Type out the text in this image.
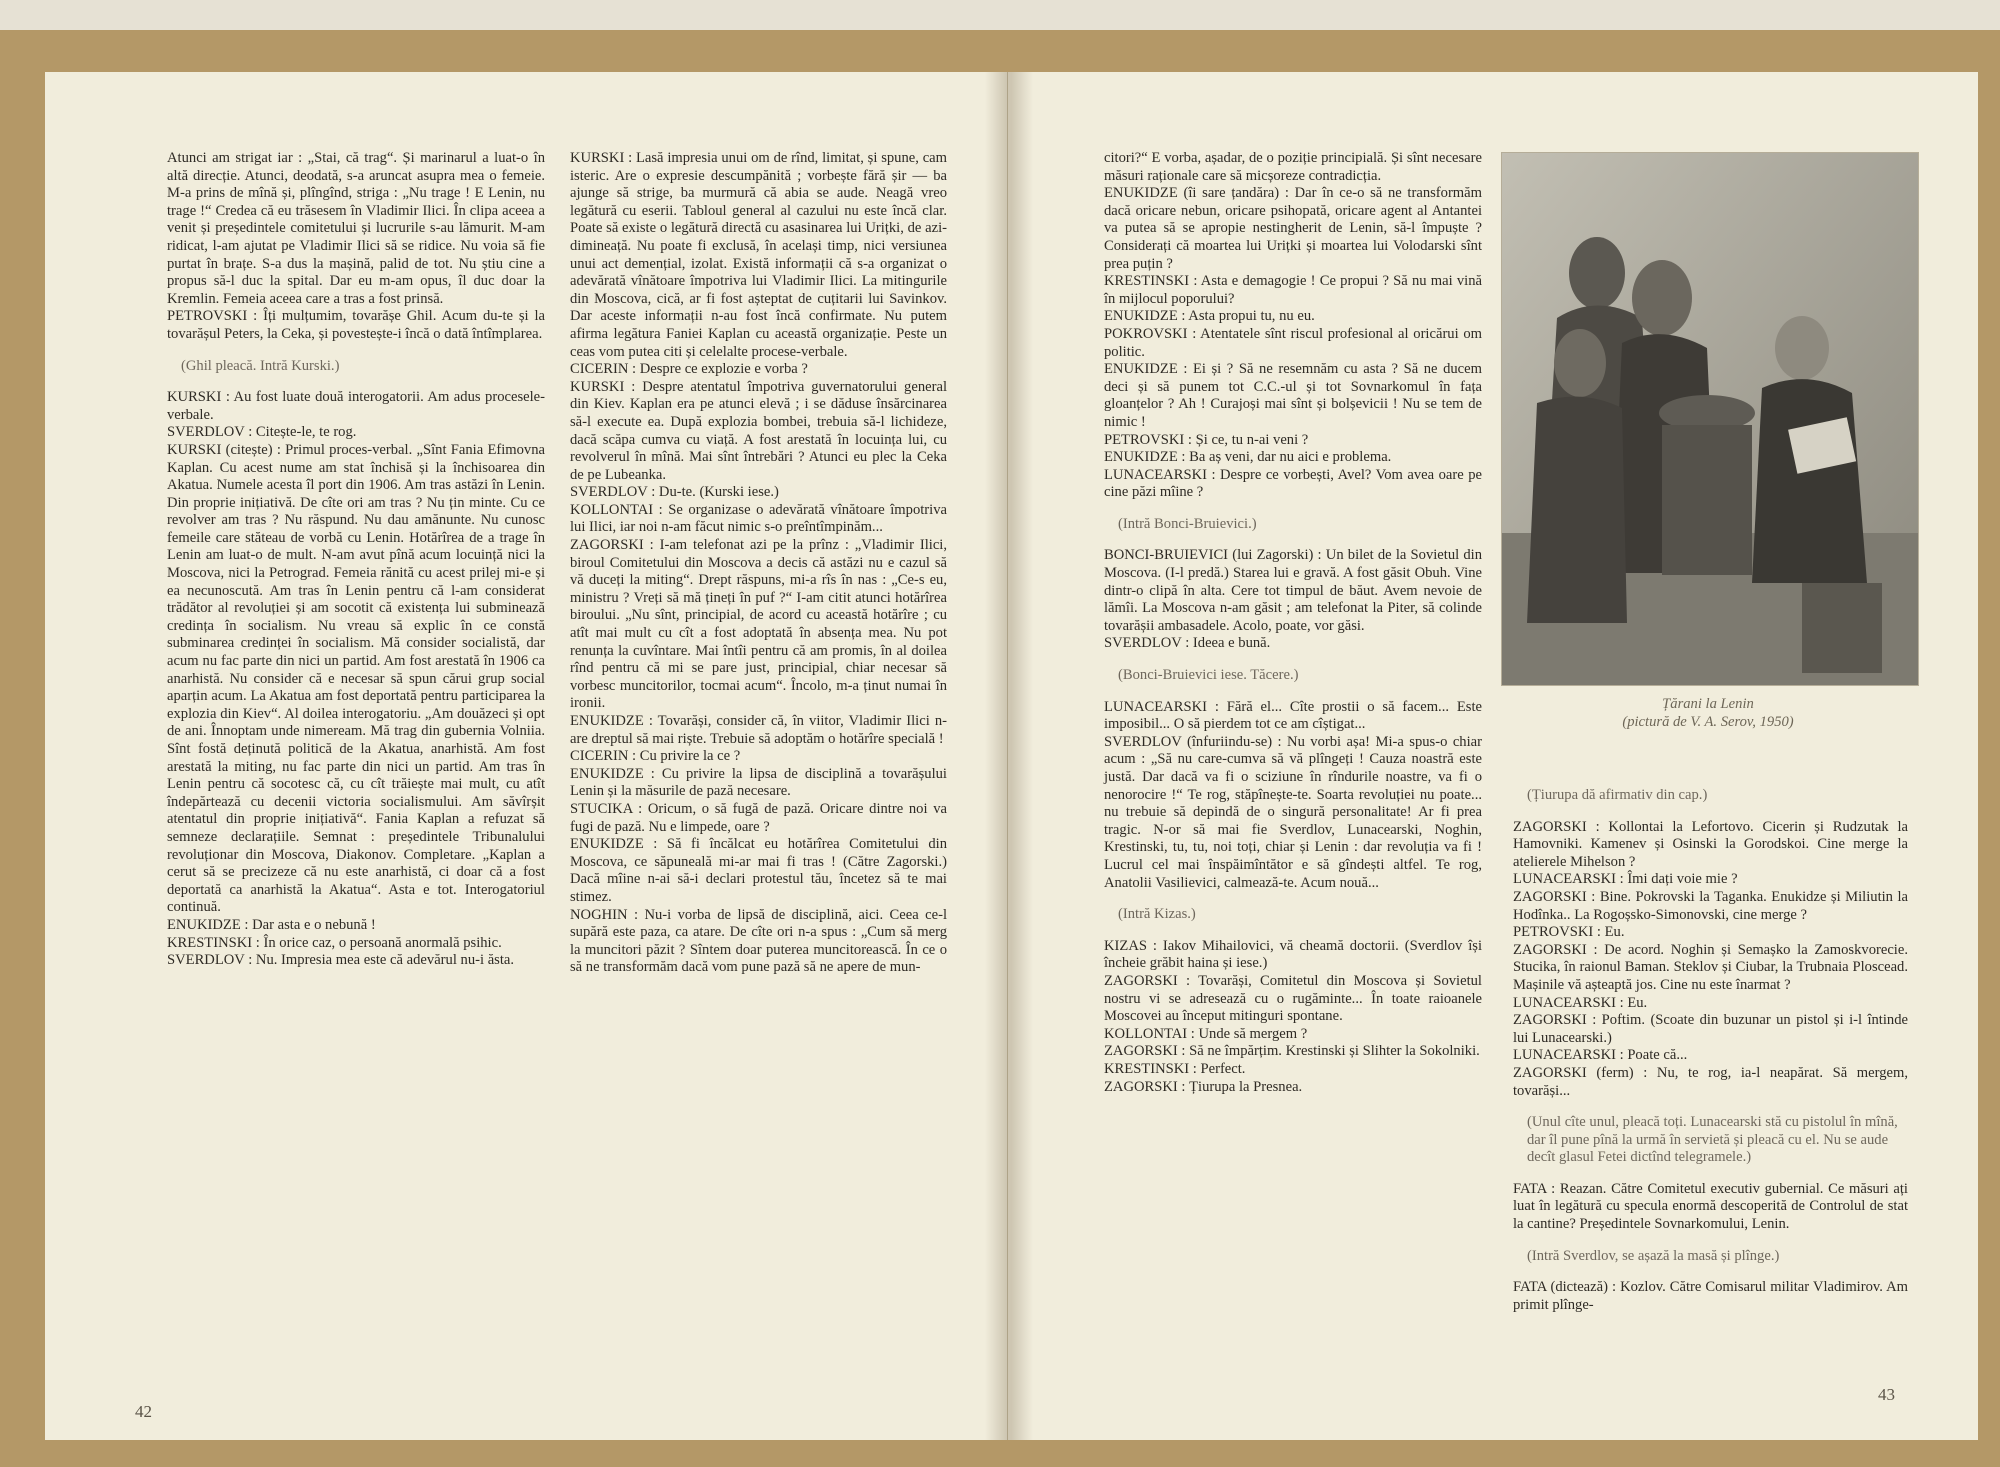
Atunci am strigat iar : „Stai, că trag“. Și marinarul a luat-o în altă direcție. Atunci, deodată, s-a aruncat asupra mea o femeie. M-a prins de mînă și, plîngînd, striga : „Nu trage ! E Lenin, nu trage !“ Credea că eu trăsesem în Vladimir Ilici. În clipa aceea a venit și președintele comitetului și lucrurile s-au lămurit. M-am ridicat, l-am ajutat pe Vladimir Ilici să se ridice. Nu voia să fie purtat în brațe. S-a dus la mașină, palid de tot. Nu știu cine a propus să-l duc la spital. Dar eu m-am opus, îl duc doar la Kremlin. Femeia aceea care a tras a fost prinsă.

PETROVSKI : Îți mulțumim, tovarășe Ghil. Acum du-te și la tovarășul Peters, la Ceka, și povestește-i încă o dată întîmplarea.

(Ghil pleacă. Intră Kurski.)

KURSKI : Au fost luate două interogatorii. Am adus procesele-verbale.

SVERDLOV : Citește-le, te rog.

KURSKI (citește) : Primul proces-verbal. „Sînt Fania Efimovna Kaplan. Cu acest nume am stat închisă și la închisoarea din Akatua. Numele acesta îl port din 1906. Am tras astăzi în Lenin. Din proprie inițiativă. De cîte ori am tras ? Nu țin minte. Cu ce revolver am tras ? Nu răspund. Nu dau amănunte. Nu cunosc femeile care stăteau de vorbă cu Lenin. Hotărîrea de a trage în Lenin am luat-o de mult. N-am avut pînă acum locuință nici la Moscova, nici la Petrograd. Femeia rănită cu acest prilej mi-e și ea necunoscută. Am tras în Lenin pentru că l-am considerat trădător al revoluției și am socotit că existența lui subminează credința în socialism. Nu vreau să explic în ce constă subminarea credinței în socialism. Mă consider socialistă, dar acum nu fac parte din nici un partid. Am fost arestată în 1906 ca anarhistă. Nu consider că e necesar să spun cărui grup social aparțin acum. La Akatua am fost deportată pentru participarea la explozia din Kiev“. Al doilea interogatoriu. „Am douăzeci și opt de ani. Înnoptam unde nimeream. Mă trag din gubernia Volniia. Sînt fostă deținută politică de la Akatua, anarhistă. Am fost arestată la miting, nu fac parte din nici un partid. Am tras în Lenin pentru că socotesc că, cu cît trăiește mai mult, cu atît îndepărtează cu decenii victoria socialismului. Am săvîrșit atentatul din proprie inițiativă“. Fania Kaplan a refuzat să semneze declarațiile. Semnat : președintele Tribunalului revoluționar din Moscova, Diakonov. Completare. „Kaplan a cerut să se precizeze că nu este anarhistă, ci doar că a fost deportată ca anarhistă la Akatua“. Asta e tot. Interogatoriul continuă.

ENUKIDZE : Dar asta e o nebună !

KRESTINSKI : În orice caz, o persoană anormală psihic.

SVERDLOV : Nu. Impresia mea este că adevărul nu-i ăsta.

KURSKI : Lasă impresia unui om de rînd, limitat, și spune, cam isteric. Are o expresie descumpănită ; vorbește fără șir — ba ajunge să strige, ba murmură că abia se aude. Neagă vreo legătură cu eserii. Tabloul general al cazului nu este încă clar. Poate să existe o legătură directă cu asasinarea lui Urițki, de azi-dimineață. Nu poate fi exclusă, în același timp, nici versiunea unui act demențial, izolat. Există informații că s-a organizat o adevărată vînătoare împotriva lui Vladimir Ilici. La mitingurile din Moscova, cică, ar fi fost așteptat de cuțitarii lui Savinkov. Dar aceste informații n-au fost încă confirmate. Nu putem afirma legătura Faniei Kaplan cu această organizație. Peste un ceas vom putea citi și celelalte procese-verbale.

CICERIN : Despre ce explozie e vorba ?

KURSKI : Despre atentatul împotriva guvernatorului general din Kiev. Kaplan era pe atunci elevă ; i se dăduse însărcinarea să-l execute ea. După explozia bombei, trebuia să-l lichideze, dacă scăpa cumva cu viață. A fost arestată în locuința lui, cu revolverul în mînă. Mai sînt întrebări ? Atunci eu plec la Ceka de pe Lubeanka.

SVERDLOV : Du-te. (Kurski iese.)

KOLLONTAI : Se organizase o adevărată vînătoare împotriva lui Ilici, iar noi n-am făcut nimic s-o preîntîmpinăm...

ZAGORSKI : I-am telefonat azi pe la prînz : „Vladimir Ilici, biroul Comitetului din Moscova a decis că astăzi nu e cazul să vă duceți la miting“. Drept răspuns, mi-a rîs în nas : „Ce-s eu, ministru ? Vreți să mă țineți în puf ?“ I-am citit atunci hotărîrea biroului. „Nu sînt, principial, de acord cu această hotărîre ; cu atît mai mult cu cît a fost adoptată în absența mea. Nu pot renunța la cuvîntare. Mai întîi pentru că am promis, în al doilea rînd pentru că mi se pare just, principial, chiar necesar să vorbesc muncitorilor, tocmai acum“. Încolo, m-a ținut numai în ironii.

ENUKIDZE : Tovarăși, consider că, în viitor, Vladimir Ilici n-are dreptul să mai riște. Trebuie să adoptăm o hotărîre specială !

CICERIN : Cu privire la ce ?

ENUKIDZE : Cu privire la lipsa de disciplină a tovarășului Lenin și la măsurile de pază necesare.

STUCIKA : Oricum, o să fugă de pază. Oricare dintre noi va fugi de pază. Nu e limpede, oare ?

ENUKIDZE : Să fi încălcat eu hotărîrea Comitetului din Moscova, ce săpuneală mi-ar mai fi tras ! (Către Zagorski.) Dacă mîine n-ai să-i declari protestul tău, încetez să te mai stimez.

NOGHIN : Nu-i vorba de lipsă de disciplină, aici. Ceea ce-l supără este paza, ca atare. De cîte ori n-a spus : „Cum să merg la muncitori păzit ? Sîntem doar puterea muncitorească. În ce o să ne transformăm dacă vom pune pază să ne apere de mun-

42

citori?“ E vorba, așadar, de o poziție principială. Și sînt necesare măsuri raționale care să micșoreze contradicția.

ENUKIDZE (îi sare țandăra) : Dar în ce-o să ne transformăm dacă oricare nebun, oricare psihopată, oricare agent al Antantei va putea să se apropie nestingherit de Lenin, să-l împuște ? Considerați că moartea lui Urițki și moartea lui Volodarski sînt prea puțin ?

KRESTINSKI : Asta e demagogie ! Ce propui ? Să nu mai vină în mijlocul poporului?

ENUKIDZE : Asta propui tu, nu eu.

POKROVSKI : Atentatele sînt riscul profesional al oricărui om politic.

ENUKIDZE : Ei și ? Să ne resemnăm cu asta ? Să ne ducem deci și să punem tot C.C.-ul și tot Sovnarkomul în fața gloanțelor ? Ah ! Curajoși mai sînt și bolșevicii ! Nu se tem de nimic !

PETROVSKI : Și ce, tu n-ai veni ?

ENUKIDZE : Ba aș veni, dar nu aici e problema.

LUNACEARSKI : Despre ce vorbești, Avel? Vom avea oare pe cine păzi mîine ?

(Intră Bonci-Bruievici.)

BONCI-BRUIEVICI (lui Zagorski) : Un bilet de la Sovietul din Moscova. (I-l predă.) Starea lui e gravă. A fost găsit Obuh. Vine dintr-o clipă în alta. Cere tot timpul de băut. Avem nevoie de lămîi. La Moscova n-am găsit ; am telefonat la Piter, să colinde tovarășii ambasadele. Acolo, poate, vor găsi.

SVERDLOV : Ideea e bună.

(Bonci-Bruievici iese. Tăcere.)

LUNACEARSKI : Fără el... Cîte prostii o să facem... Este imposibil... O să pierdem tot ce am cîștigat...

SVERDLOV (înfuriindu-se) : Nu vorbi așa! Mi-a spus-o chiar acum : „Să nu care-cumva să vă plîngeți ! Cauza noastră este justă. Dar dacă va fi o sciziune în rîndurile noastre, va fi o nenorocire !“ Te rog, stăpînește-te. Soarta revoluției nu poate... nu trebuie să depindă de o singură personalitate! Ar fi prea tragic. N-or să mai fie Sverdlov, Lunacearski, Noghin, Krestinski, tu, tu, noi toți, chiar și Lenin : dar revoluția va fi ! Lucrul cel mai înspăimîntător e să gîndești altfel. Te rog, Anatolii Vasilievici, calmează-te. Acum nouă...

(Intră Kizas.)

KIZAS : Iakov Mihailovici, vă cheamă doctorii. (Sverdlov își încheie grăbit haina și iese.)

ZAGORSKI : Tovarăși, Comitetul din Moscova și Sovietul nostru vi se adresează cu o rugăminte... În toate raioanele Moscovei au început mitinguri spontane.

KOLLONTAI : Unde să mergem ?

ZAGORSKI : Să ne împărțim. Krestinski și Slihter la Sokolniki.

KRESTINSKI : Perfect.

ZAGORSKI : Țiurupa la Presnea.

Țărani la Lenin
(pictură de V. A. Serov, 1950)

(Țiurupa dă afirmativ din cap.)

ZAGORSKI : Kollontai la Lefortovo. Cicerin și Rudzutak la Hamovniki. Kamenev și Osinski la Gorodskoi. Cine merge la atelierele Mihelson ?

LUNACEARSKI : Îmi dați voie mie ?

ZAGORSKI : Bine. Pokrovski la Taganka. Enukidze și Miliutin la Hodînka.. La Rogoșsko-Simonovski, cine merge ?

PETROVSKI : Eu.

ZAGORSKI : De acord. Noghin și Semașko la Zamoskvorecie. Stucika, în raionul Baman. Steklov și Ciubar, la Trubnaia Ploscead. Mașinile vă așteaptă jos. Cine nu este înarmat ?

LUNACEARSKI : Eu.

ZAGORSKI : Poftim. (Scoate din buzunar un pistol și i-l întinde lui Lunacearski.)

LUNACEARSKI : Poate că...

ZAGORSKI (ferm) : Nu, te rog, ia-l neapărat. Să mergem, tovarăși...

(Unul cîte unul, pleacă toți. Lunacearski stă cu pistolul în mînă, dar îl pune pînă la urmă în servietă și pleacă cu el. Nu se aude decît glasul Fetei dictînd telegramele.)

FATA : Reazan. Către Comitetul executiv gubernial. Ce măsuri ați luat în legătură cu specula enormă descoperită de Controlul de stat la cantine? Președintele Sovnarkomului, Lenin.

(Intră Sverdlov, se așază la masă și plînge.)

FATA (dictează) : Kozlov. Către Comisarul militar Vladimirov. Am primit plînge-

43
